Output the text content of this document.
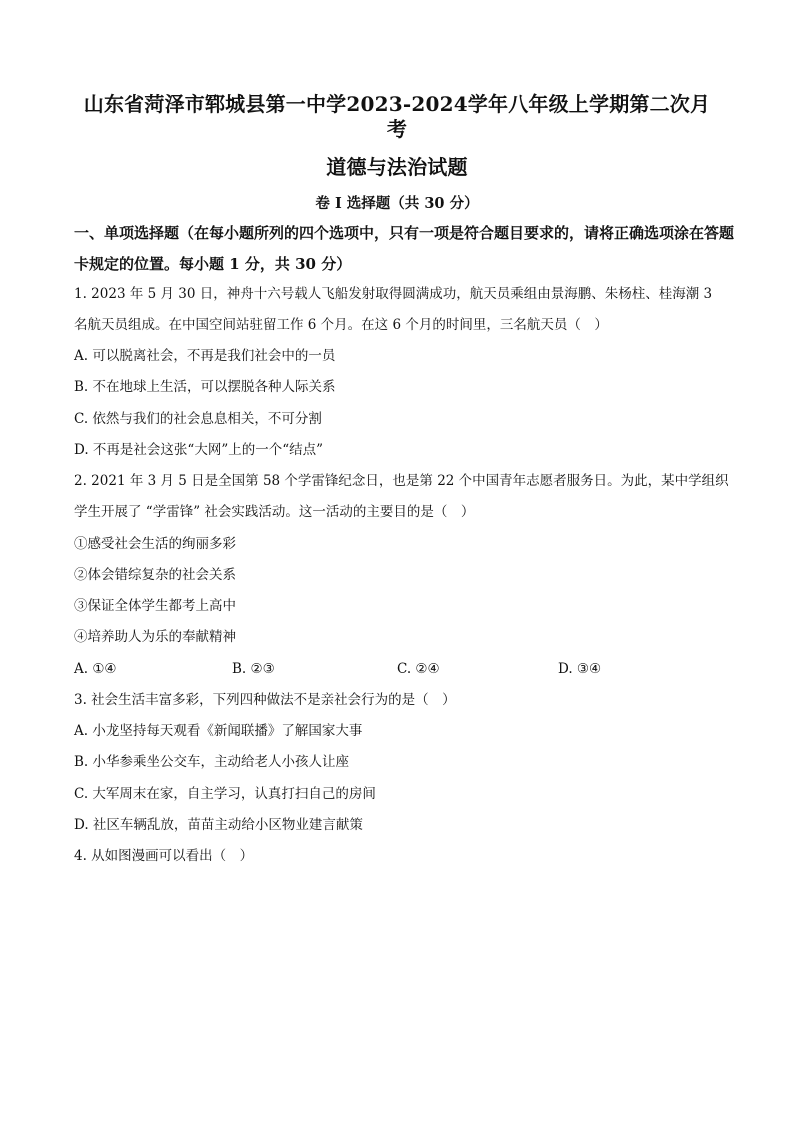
山东省菏泽市郓城县第一中学2023-2024学年八年级上学期第二次月
考
道德与法治试题
卷 I 选择题（共 30 分）
一、单项选择题（在每小题所列的四个选项中，只有一项是符合题目要求的，请将正确选项涂在答题卡规定的位置。每小题 1 分，共 30 分）
1. 2023 年 5 月 30 日，神舟十六号载人飞船发射取得圆满成功，航天员乘组由景海鹏、朱杨柱、桂海潮 3
名航天员组成。在中国空间站驻留工作 6 个月。在这 6 个月的时间里，三名航天员（　）
A. 可以脱离社会，不再是我们社会中的一员
B. 不在地球上生活，可以摆脱各种人际关系
C. 依然与我们的社会息息相关，不可分割
D. 不再是社会这张“大网”上的一个“结点”
2. 2021 年 3 月 5 日是全国第 58 个学雷锋纪念日，也是第 22 个中国青年志愿者服务日。为此，某中学组织
学生开展了 “学雷锋” 社会实践活动。这一活动的主要目的是（　）
①感受社会生活的绚丽多彩
②体会错综复杂的社会关系
③保证全体学生都考上高中
④培养助人为乐的奉献精神
A. ①④	B. ②③	C. ②④	D. ③④
3. 社会生活丰富多彩，下列四种做法不是亲社会行为的是（　）
A. 小龙坚持每天观看《新闻联播》了解国家大事
B. 小华参乘坐公交车，主动给老人小孩人让座
C. 大军周末在家，自主学习，认真打扫自己的房间
D. 社区车辆乱放，苗苗主动给小区物业建言献策
4. 从如图漫画可以看出（　）
